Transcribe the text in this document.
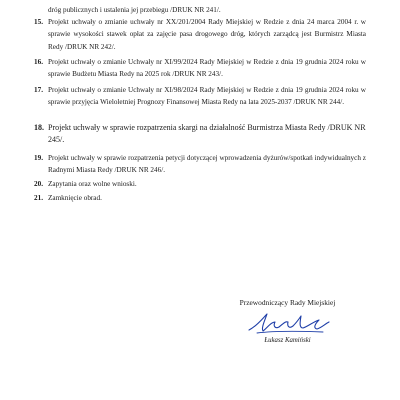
dróg publicznych i ustalenia jej przebiegu /DRUK NR 241/.
15. Projekt uchwały o zmianie uchwały nr XX/201/2004 Rady Miejskiej w Redzie z dnia 24 marca 2004 r. w sprawie wysokości stawek opłat za zajęcie pasa drogowego dróg, których zarządcą jest Burmistrz Miasta Redy /DRUK NR 242/.
16. Projekt uchwały o zmianie Uchwały nr XI/99/2024 Rady Miejskiej w Redzie z dnia 19 grudnia 2024 roku w sprawie Budżetu Miasta Redy na 2025 rok /DRUK NR 243/.
17. Projekt uchwały o zmianie Uchwały nr XI/98/2024 Rady Miejskiej w Redzie z dnia 19 grudnia 2024 roku w sprawie przyjęcia Wieloletniej Prognozy Finansowej Miasta Redy na lata 2025-2037 /DRUK NR 244/.
18. Projekt uchwały w sprawie rozpatrzenia skargi na działalność Burmistrza Miasta Redy /DRUK NR 245/.
19. Projekt uchwały w sprawie rozpatrzenia petycji dotyczącej wprowadzenia dyżurów/spotkań indywidualnych z Radnymi Miasta Redy /DRUK NR 246/.
20. Zapytania oraz wolne wnioski.
21. Zamknięcie obrad.
Przewodniczący Rady Miejskiej
Łukasz Kamiński
